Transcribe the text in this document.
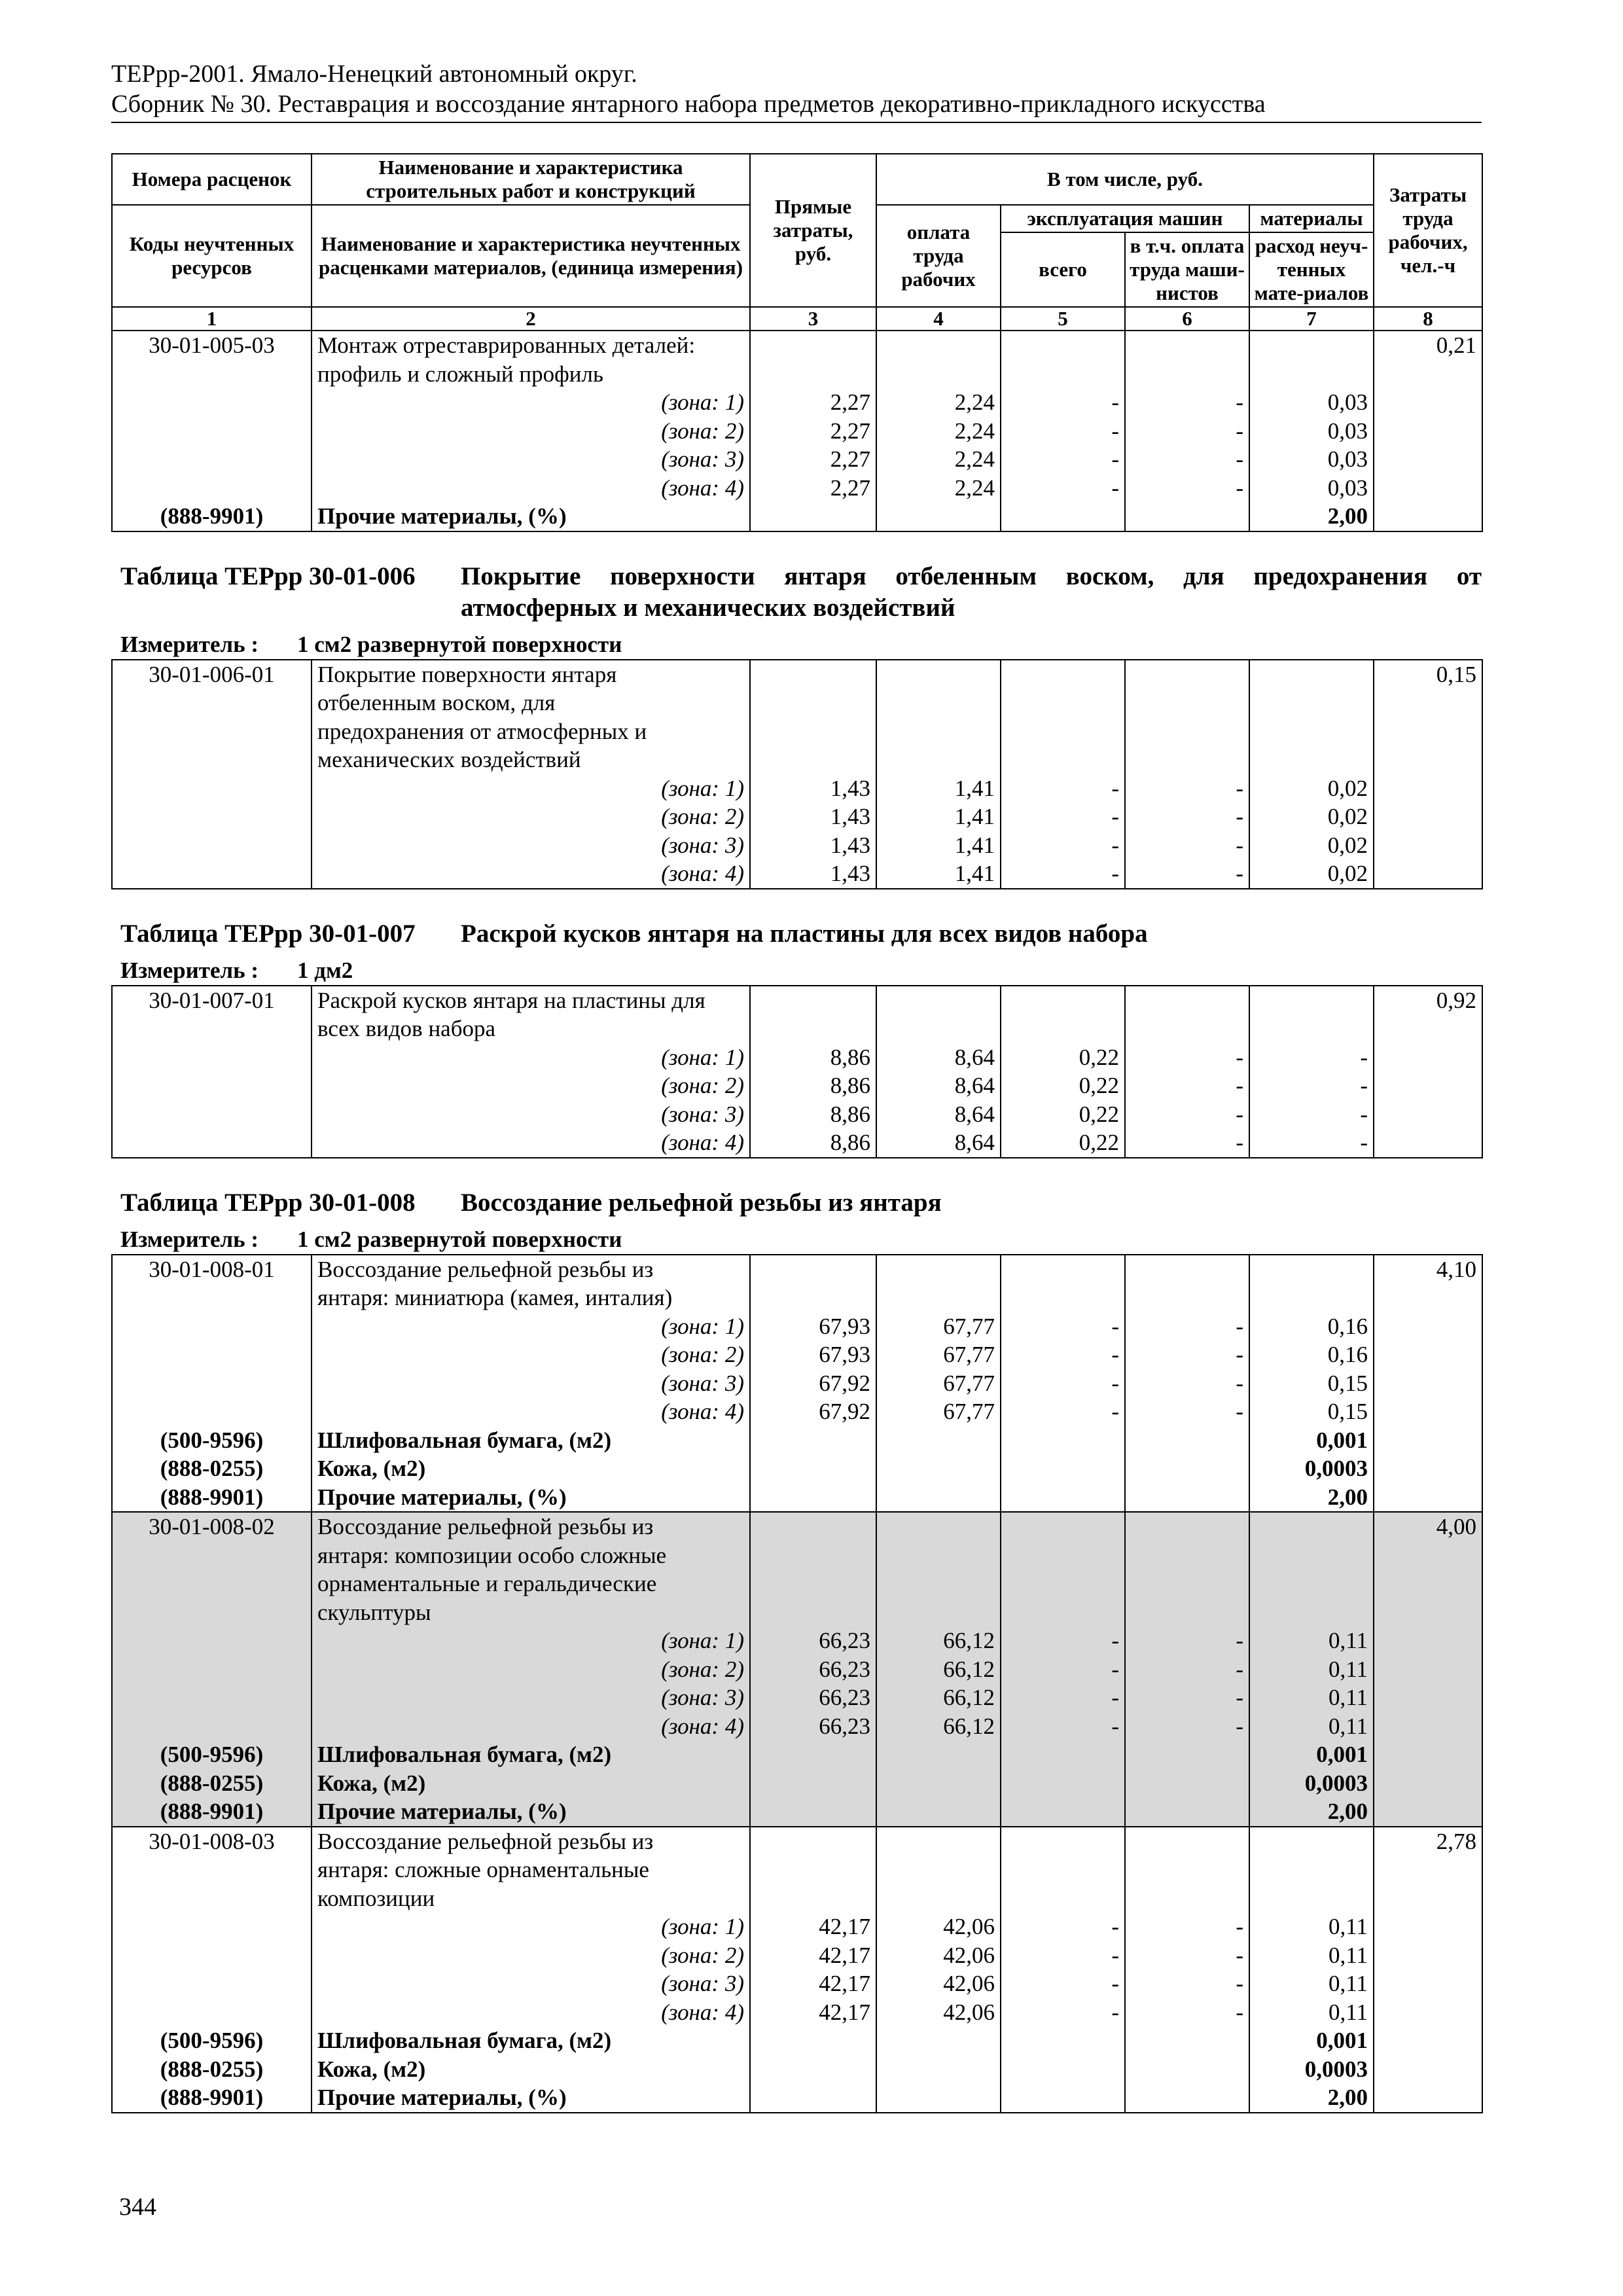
ТЕРрр-2001. Ямало-Ненецкий автономный округ.
Сборник № 30. Реставрация и воссоздание янтарного набора предметов декоративно-прикладного искусства
Номера расценок	Наименование и характеристика строительных работ и конструкций	Прямые затраты, руб.	В том числе, руб.				Затраты труда рабочих, чел.-ч
Коды неучтенных ресурсов	Наименование и характеристика неучтенных расценками материалов, (единица измерения)		оплата труда рабочих	эксплуатация машин		материалы	
				всего	в т.ч. оплата труда маши-нистов	расход неуч-тенных мате-риалов	
1	2	3	4	5	6	7	8
30-01-005-03	Монтаж отреставрированных деталей:						0,21
	профиль и сложный профиль						
	(зона: 1)	2,27	2,24	-	-	0,03	
	(зона: 2)	2,27	2,24	-	-	0,03	
	(зона: 3)	2,27	2,24	-	-	0,03	
	(зона: 4)	2,27	2,24	-	-	0,03	
(888-9901)	Прочие материалы, (%)					2,00	
Таблица ТЕРрр 30-01-006	Покрытие поверхности янтаря отбеленным воском, для предохранения от атмосферных и механических воздействий
Измеритель :	1 см2 развернутой поверхности
30-01-006-01	Покрытие поверхности янтаря						0,15
	отбеленным воском, для						
	предохранения от атмосферных и						
	механических воздействий						
	(зона: 1)	1,43	1,41	-	-	0,02	
	(зона: 2)	1,43	1,41	-	-	0,02	
	(зона: 3)	1,43	1,41	-	-	0,02	
	(зона: 4)	1,43	1,41	-	-	0,02	
Таблица ТЕРрр 30-01-007	Раскрой кусков янтаря на пластины для всех видов набора
Измеритель :	1 дм2
30-01-007-01	Раскрой кусков янтаря на пластины для						0,92
	всех видов набора						
	(зона: 1)	8,86	8,64	0,22	-	-	
	(зона: 2)	8,86	8,64	0,22	-	-	
	(зона: 3)	8,86	8,64	0,22	-	-	
	(зона: 4)	8,86	8,64	0,22	-	-	
Таблица ТЕРрр 30-01-008	Воссоздание рельефной резьбы из янтаря
Измеритель :	1 см2 развернутой поверхности
30-01-008-01	Воссоздание рельефной резьбы из						4,10
	янтаря: миниатюра (камея, инталия)						
	(зона: 1)	67,93	67,77	-	-	0,16	
	(зона: 2)	67,93	67,77	-	-	0,16	
	(зона: 3)	67,92	67,77	-	-	0,15	
	(зона: 4)	67,92	67,77	-	-	0,15	
(500-9596)	Шлифовальная бумага, (м2)					0,001	
(888-0255)	Кожа, (м2)					0,0003	
(888-9901)	Прочие материалы, (%)					2,00	
30-01-008-02	Воссоздание рельефной резьбы из						4,00
	янтаря: композиции особо сложные						
	орнаментальные и геральдические						
	скульптуры						
	(зона: 1)	66,23	66,12	-	-	0,11	
	(зона: 2)	66,23	66,12	-	-	0,11	
	(зона: 3)	66,23	66,12	-	-	0,11	
	(зона: 4)	66,23	66,12	-	-	0,11	
(500-9596)	Шлифовальная бумага, (м2)					0,001	
(888-0255)	Кожа, (м2)					0,0003	
(888-9901)	Прочие материалы, (%)					2,00	
30-01-008-03	Воссоздание рельефной резьбы из						2,78
	янтаря: сложные орнаментальные						
	композиции						
	(зона: 1)	42,17	42,06	-	-	0,11	
	(зона: 2)	42,17	42,06	-	-	0,11	
	(зона: 3)	42,17	42,06	-	-	0,11	
	(зона: 4)	42,17	42,06	-	-	0,11	
(500-9596)	Шлифовальная бумага, (м2)					0,001	
(888-0255)	Кожа, (м2)					0,0003	
(888-9901)	Прочие материалы, (%)					2,00	
344
